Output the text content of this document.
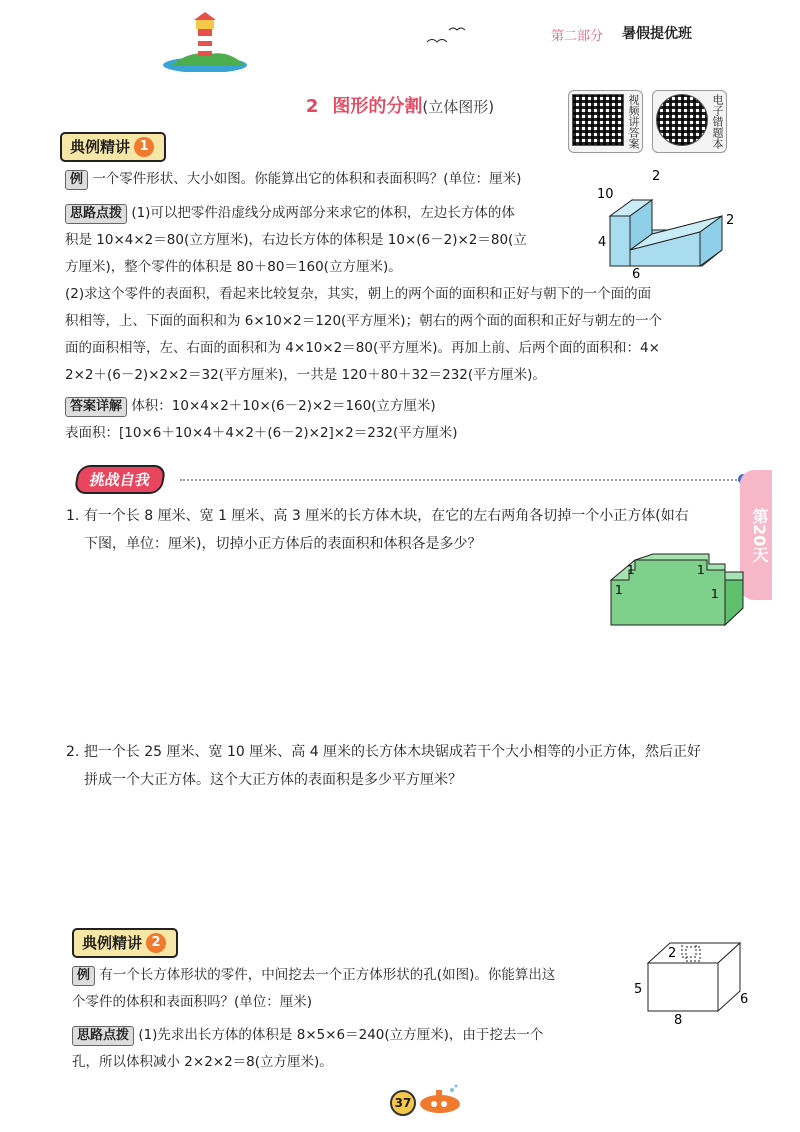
第二部分 暑假提优班
2 图形的分割(立体图形)	视频讲答案	电子错题本
典例精讲 1
例 一个零件形状、大小如图。你能算出它的体积和表面积吗？(单位：厘米)
思路点拨 (1)可以把零件沿虚线分成两部分来求它的体积，左边长方体的体
积是 10×4×2＝80(立方厘米)，右边长方体的体积是 10×(6－2)×2＝80(立
方厘米)，整个零件的体积是 80＋80＝160(立方厘米)。
(2)求这个零件的表面积，看起来比较复杂，其实，朝上的两个面的面积和正好与朝下的一个面的面
积相等，上、下面的面积和为 6×10×2＝120(平方厘米)；朝右的两个面的面积和正好与朝左的一个
面的面积相等，左、右面的面积和为 4×10×2＝80(平方厘米)。再加上前、后两个面的面积和：4×
2×2＋(6－2)×2×2＝32(平方厘米)，一共是 120＋80＋32＝232(平方厘米)。
答案详解 体积：10×4×2＋10×(6－2)×2＝160(立方厘米)
表面积：[10×6＋10×4＋4×2＋(6－2)×2]×2＝232(平方厘米)
2
10
2
4
6
挑战自我
第20天
1. 有一个长 8 厘米、宽 1 厘米、高 3 厘米的长方体木块，在它的左右两角各切掉一个小正方体(如右
下图，单位：厘米)，切掉小正方体后的表面积和体积各是多少？
1
1
1
1
2. 把一个长 25 厘米、宽 10 厘米、高 4 厘米的长方体木块锯成若干个大小相等的小正方体，然后正好
拼成一个大正方体。这个大正方体的表面积是多少平方厘米？
典例精讲 2
例 有一个长方体形状的零件，中间挖去一个正方体形状的孔(如图)。你能算出这
个零件的体积和表面积吗？(单位：厘米)
思路点拨 (1)先求出长方体的体积是 8×5×6＝240(立方厘米)，由于挖去一个
孔，所以体积减小 2×2×2＝8(立方厘米)。
2
5
6
8
37
